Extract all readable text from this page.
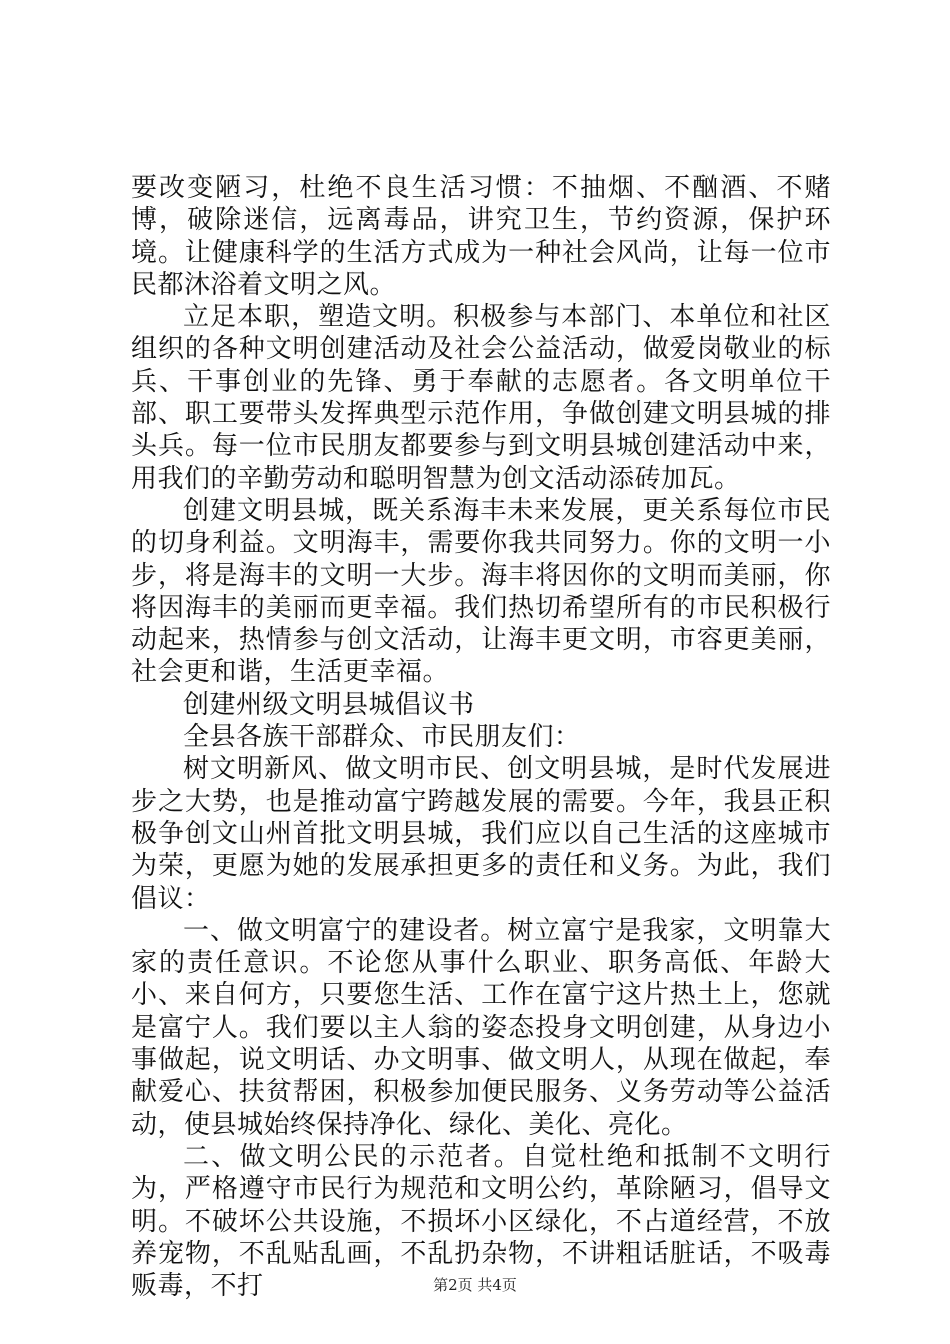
要改变陋习，杜绝不良生活习惯：不抽烟、不酗酒、不赌博，破除迷信，远离毒品，讲究卫生，节约资源，保护环境。让健康科学的生活方式成为一种社会风尚，让每一位市民都沐浴着文明之风。

立足本职，塑造文明。积极参与本部门、本单位和社区组织的各种文明创建活动及社会公益活动，做爱岗敬业的标兵、干事创业的先锋、勇于奉献的志愿者。各文明单位干部、职工要带头发挥典型示范作用，争做创建文明县城的排头兵。每一位市民朋友都要参与到文明县城创建活动中来，用我们的辛勤劳动和聪明智慧为创文活动添砖加瓦。

创建文明县城，既关系海丰未来发展，更关系每位市民的切身利益。文明海丰，需要你我共同努力。你的文明一小步，将是海丰的文明一大步。海丰将因你的文明而美丽，你将因海丰的美丽而更幸福。我们热切希望所有的市民积极行动起来，热情参与创文活动，让海丰更文明，市容更美丽，社会更和谐，生活更幸福。

创建州级文明县城倡议书

全县各族干部群众、市民朋友们：

树文明新风、做文明市民、创文明县城，是时代发展进步之大势，也是推动富宁跨越发展的需要。今年，我县正积极争创文山州首批文明县城，我们应以自己生活的这座城市为荣，更愿为她的发展承担更多的责任和义务。为此，我们倡议：

一、做文明富宁的建设者。树立富宁是我家，文明靠大家的责任意识。不论您从事什么职业、职务高低、年龄大小、来自何方，只要您生活、工作在富宁这片热土上，您就是富宁人。我们要以主人翁的姿态投身文明创建，从身边小事做起，说文明话、办文明事、做文明人，从现在做起，奉献爱心、扶贫帮困，积极参加便民服务、义务劳动等公益活动，使县城始终保持净化、绿化、美化、亮化。

二、做文明公民的示范者。自觉杜绝和抵制不文明行为，严格遵守市民行为规范和文明公约，革除陋习，倡导文明。不破坏公共设施，不损坏小区绿化，不占道经营，不放养宠物，不乱贴乱画，不乱扔杂物，不讲粗话脏话，不吸毒贩毒，不打	第2页 共4页
